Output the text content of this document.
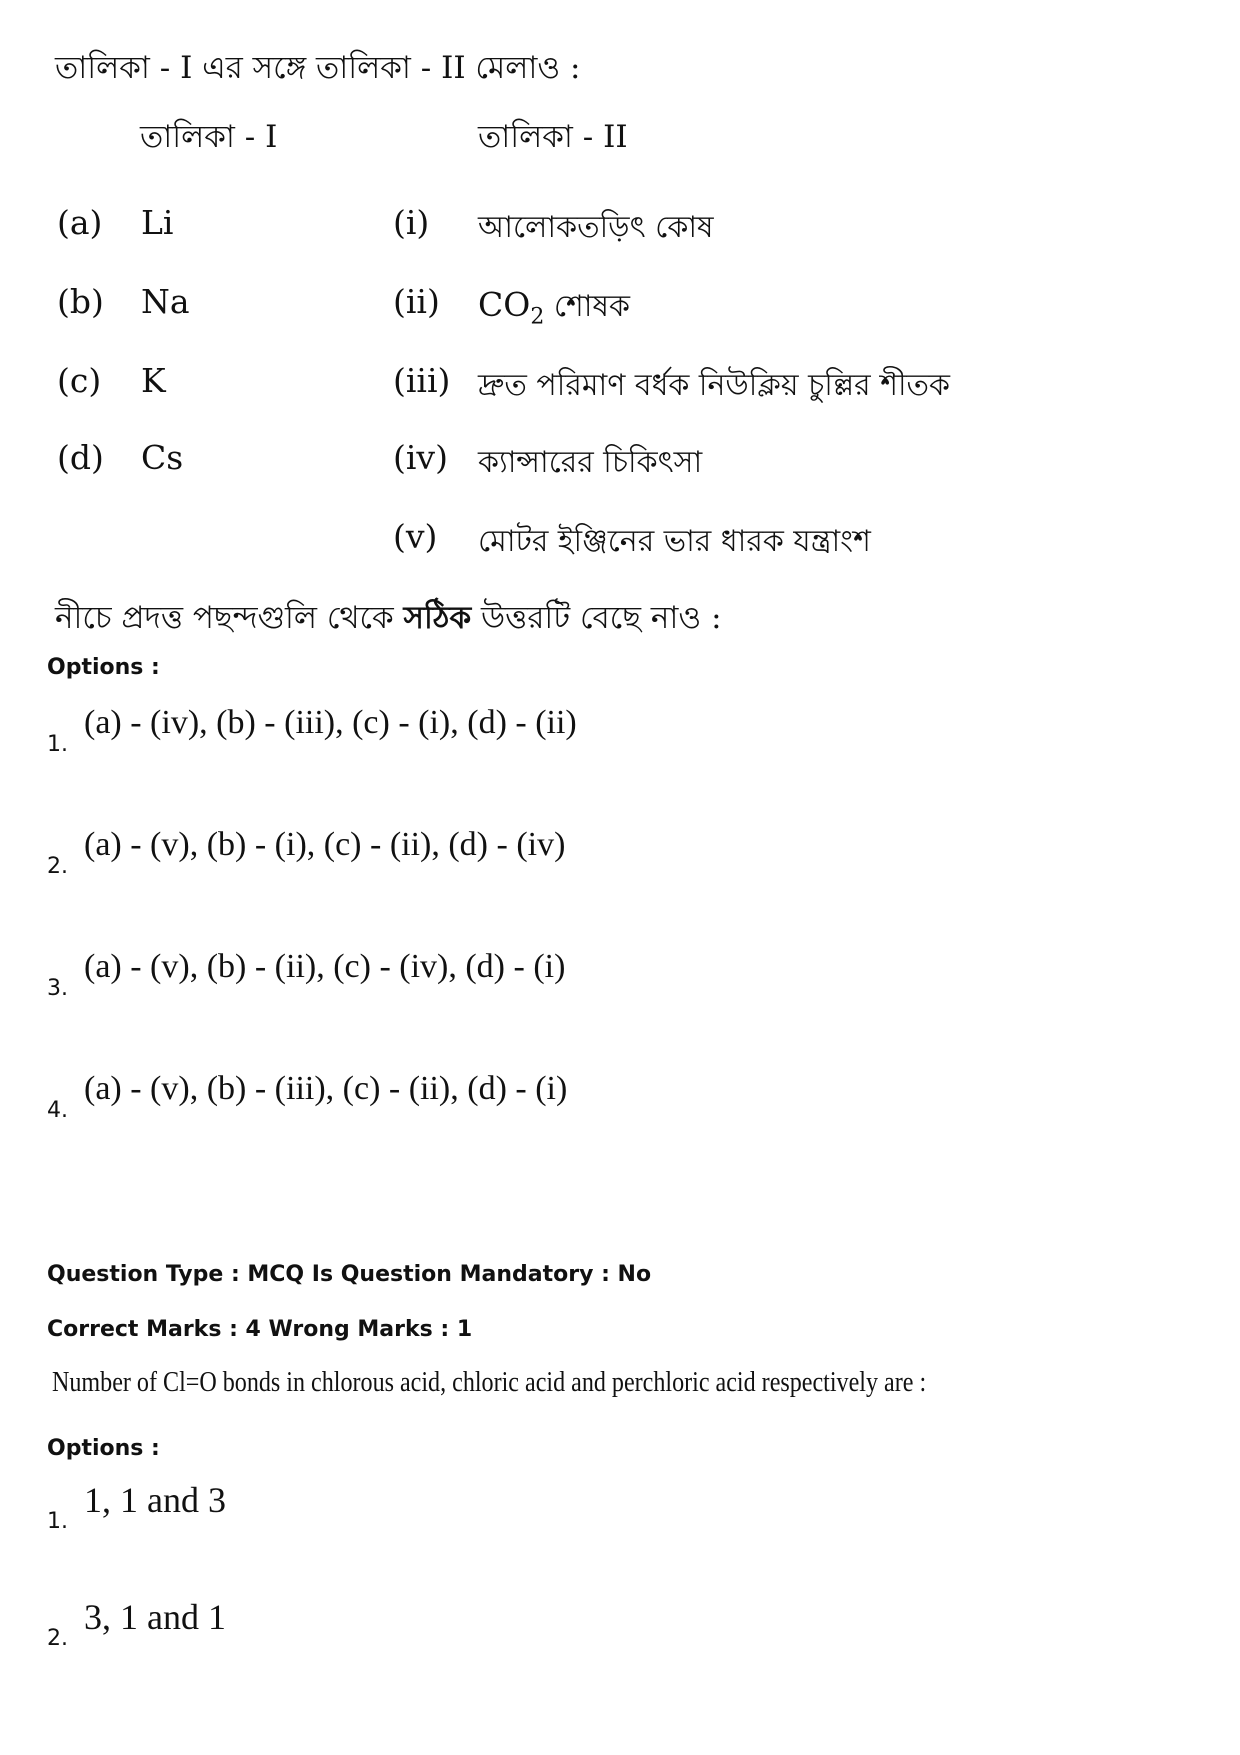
তালিকা - I এর সঙ্গে তালিকা - II মেলাও :
তালিকা - I	তালিকা - II
(a) Li
(b) Na
(c) K
(d) Cs
(i) আলোকতড়িৎ কোষ
(ii) $CO_2$ শোষক
(iii) দ্রুত পরিমাণ বর্ধক নিউক্লিয় চুল্লির শীতক
(iv) ক্যান্সারের চিকিৎসা
(v) মোটর ইঞ্জিনের ভার ধারক যন্ত্রাংশ
নীচে প্রদত্ত পছন্দগুলি থেকে সঠিক উত্তরটি বেছে নাও :
Options :
1.
(a) - (iv), (b) - (iii), (c) - (i), (d) - (ii)
2.
(a) - (v), (b) - (i), (c) - (ii), (d) - (iv)
3.
(a) - (v), (b) - (ii), (c) - (iv), (d) - (i)
4.
(a) - (v), (b) - (iii), (c) - (ii), (d) - (i)
Question Type : MCQ Is Question Mandatory : No
Correct Marks : 4 Wrong Marks : 1
Number of Cl=O bonds in chlorous acid, chloric acid and perchloric acid respectively are :
Options :
1.
1, 1 and 3
2.
3, 1 and 1
